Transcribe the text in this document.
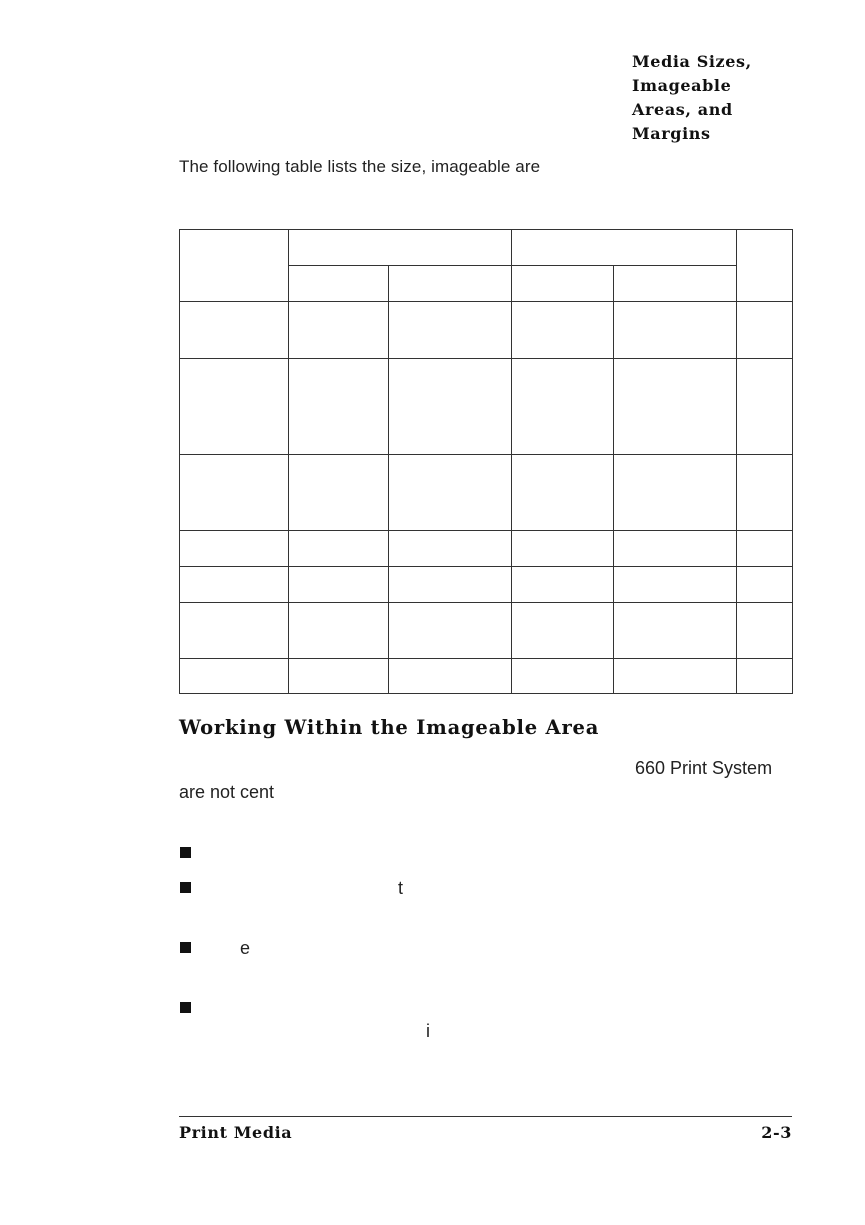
Media Sizes,
Imageable
Areas, and
Margins
The following table lists the size, imageable are

Working Within the Imageable Area
660 Print System
are not cent
t
e
i
Print Media	2-3
